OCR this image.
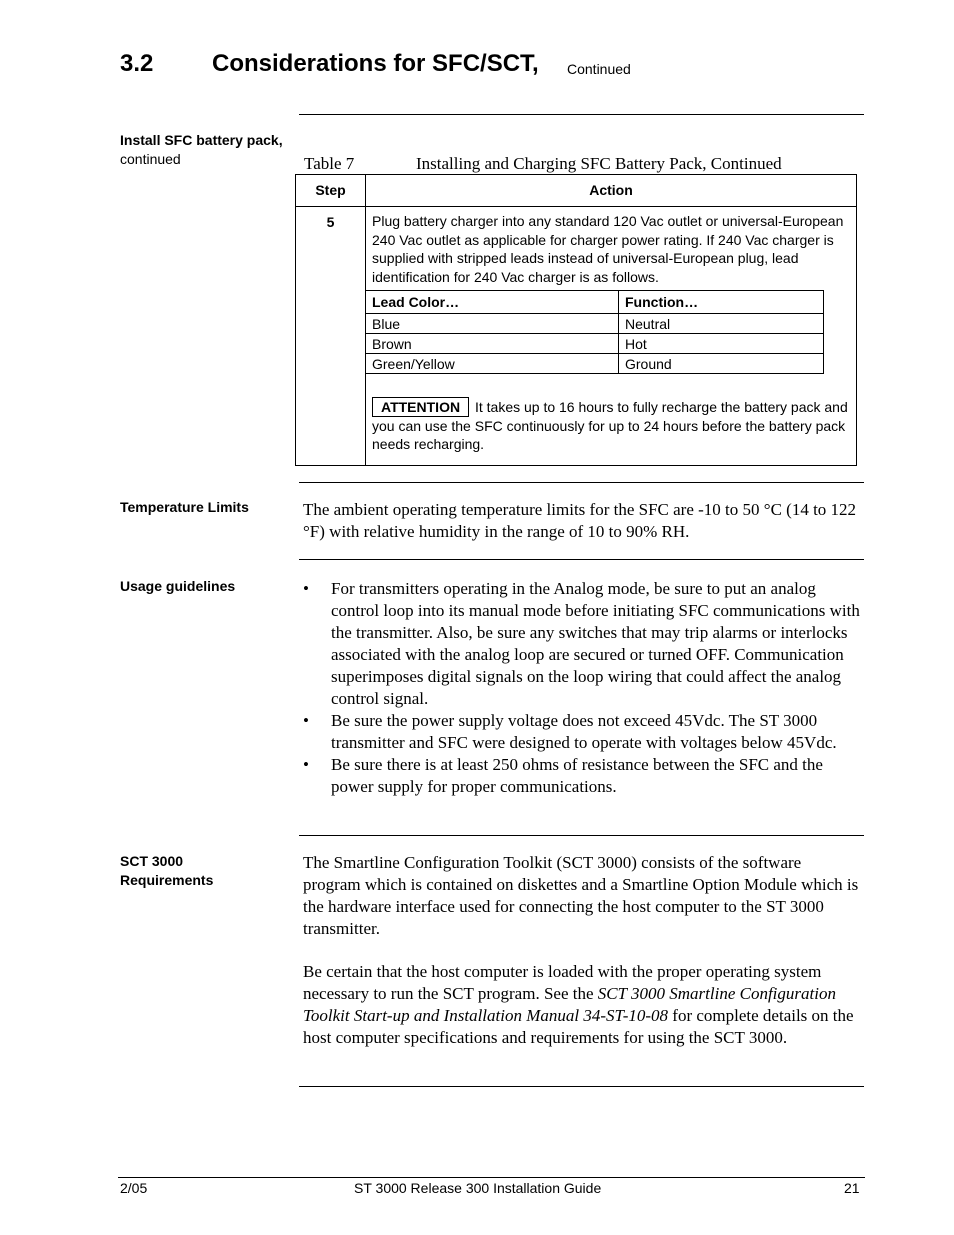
3.2 Considerations for SFC/SCT, Continued
Install SFC battery pack, continued	Table 7	Installing and Charging SFC Battery Pack, Continued
Step	Action
5	Plug battery charger into any standard 120 Vac outlet or universal-European 240 Vac outlet as applicable for charger power rating. If 240 Vac charger is supplied with stripped leads instead of universal-European plug, lead identification for 240 Vac charger is as follows.
Lead Color…	Function…
Blue	Neutral
Brown	Hot
Green/Yellow	Ground
ATTENTION It takes up to 16 hours to fully recharge the battery pack and you can use the SFC continuously for up to 24 hours before the battery pack needs recharging.
Temperature Limits	The ambient operating temperature limits for the SFC are -10 to 50 °C (14 to 122 °F) with relative humidity in the range of 10 to 90% RH.

Usage guidelines	• For transmitters operating in the Analog mode, be sure to put an analog control loop into its manual mode before initiating SFC communications with the transmitter. Also, be sure any switches that may trip alarms or interlocks associated with the analog loop are secured or turned OFF. Communication superimposes digital signals on the loop wiring that could affect the analog control signal.
• Be sure the power supply voltage does not exceed 45Vdc. The ST 3000 transmitter and SFC were designed to operate with voltages below 45Vdc.
• Be sure there is at least 250 ohms of resistance between the SFC and the power supply for proper communications.
SCT 3000
Requirements

The Smartline Configuration Toolkit (SCT 3000) consists of the software program which is contained on diskettes and a Smartline Option Module which is the hardware interface used for connecting the host computer to the ST 3000 transmitter.

Be certain that the host computer is loaded with the proper operating system necessary to run the SCT program. See the SCT 3000 Smartline Configuration Toolkit Start-up and Installation Manual 34-ST-10-08 for complete details on the host computer specifications and requirements for using the SCT 3000.

2/05	ST 3000 Release 300 Installation Guide	21
